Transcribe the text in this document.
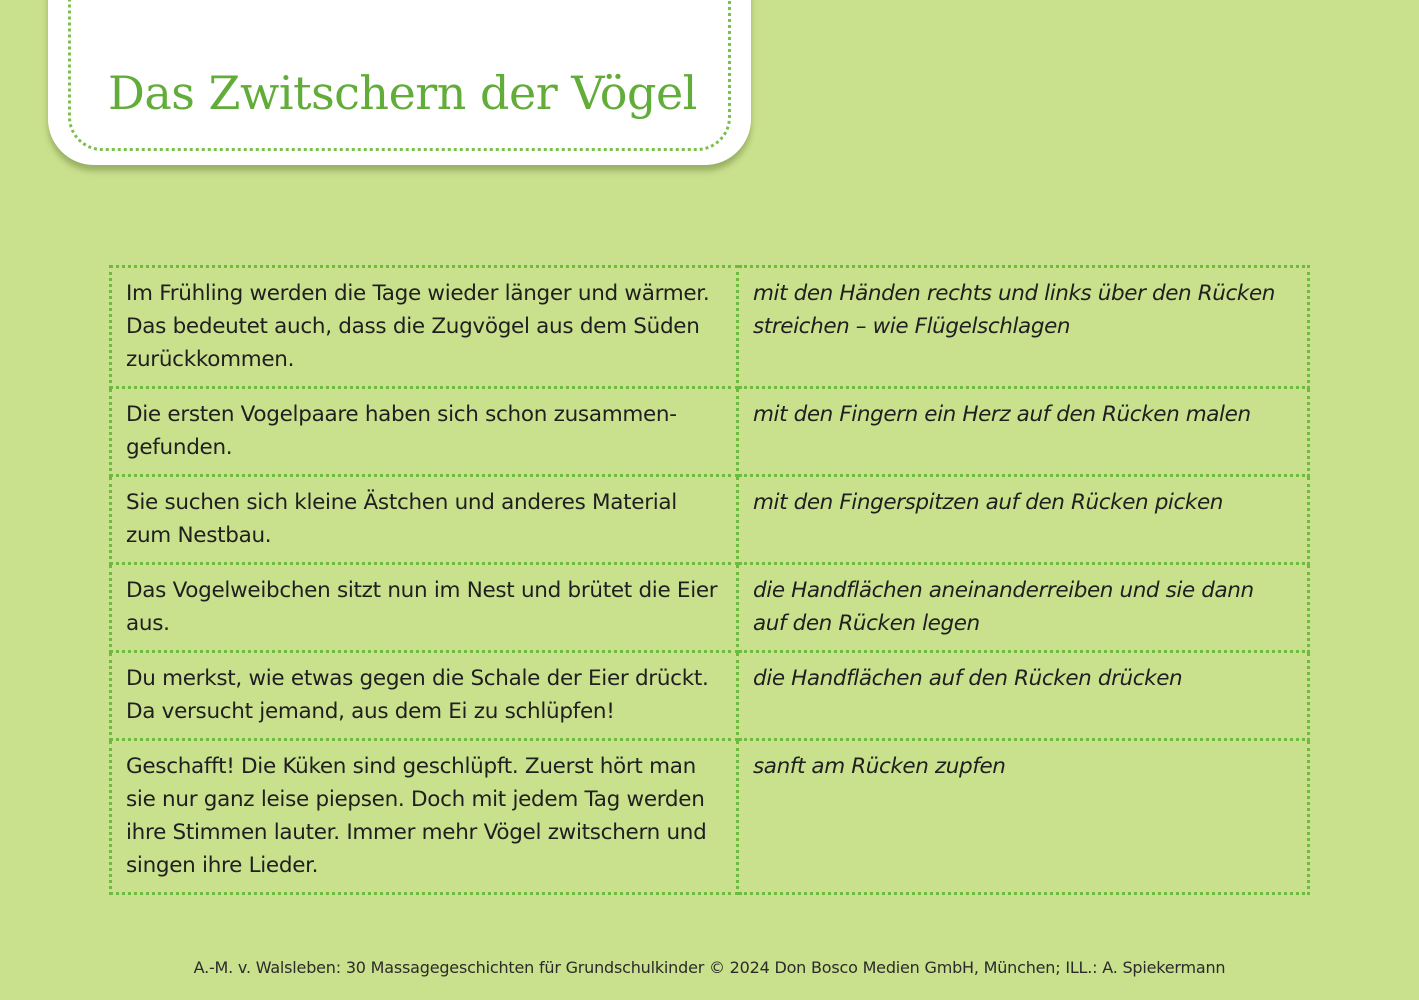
Das Zwitschern der Vögel
Im Frühling werden die Tage wieder länger und wärmer. Das bedeutet auch, dass die Zugvögel aus dem Süden zurückkommen.	mit den Händen rechts und links über den Rücken streichen – wie Flügelschlagen
Die ersten Vogelpaare haben sich schon zusammen- gefunden.	mit den Fingern ein Herz auf den Rücken malen
Sie suchen sich kleine Ästchen und anderes Material zum Nestbau.	mit den Fingerspitzen auf den Rücken picken
Das Vogelweibchen sitzt nun im Nest und brütet die Eier aus.	die Handflächen aneinanderreiben und sie dann auf den Rücken legen
Du merkst, wie etwas gegen die Schale der Eier drückt. Da versucht jemand, aus dem Ei zu schlüpfen!	die Handflächen auf den Rücken drücken
Geschafft! Die Küken sind geschlüpft. Zuerst hört man sie nur ganz leise piepsen. Doch mit jedem Tag werden ihre Stimmen lauter. Immer mehr Vögel zwitschern und singen ihre Lieder.	sanft am Rücken zupfen
A.-M. v. Walsleben: 30 Massagegeschichten für Grundschulkinder © 2024 Don Bosco Medien GmbH, München; ILL.: A. Spiekermann
